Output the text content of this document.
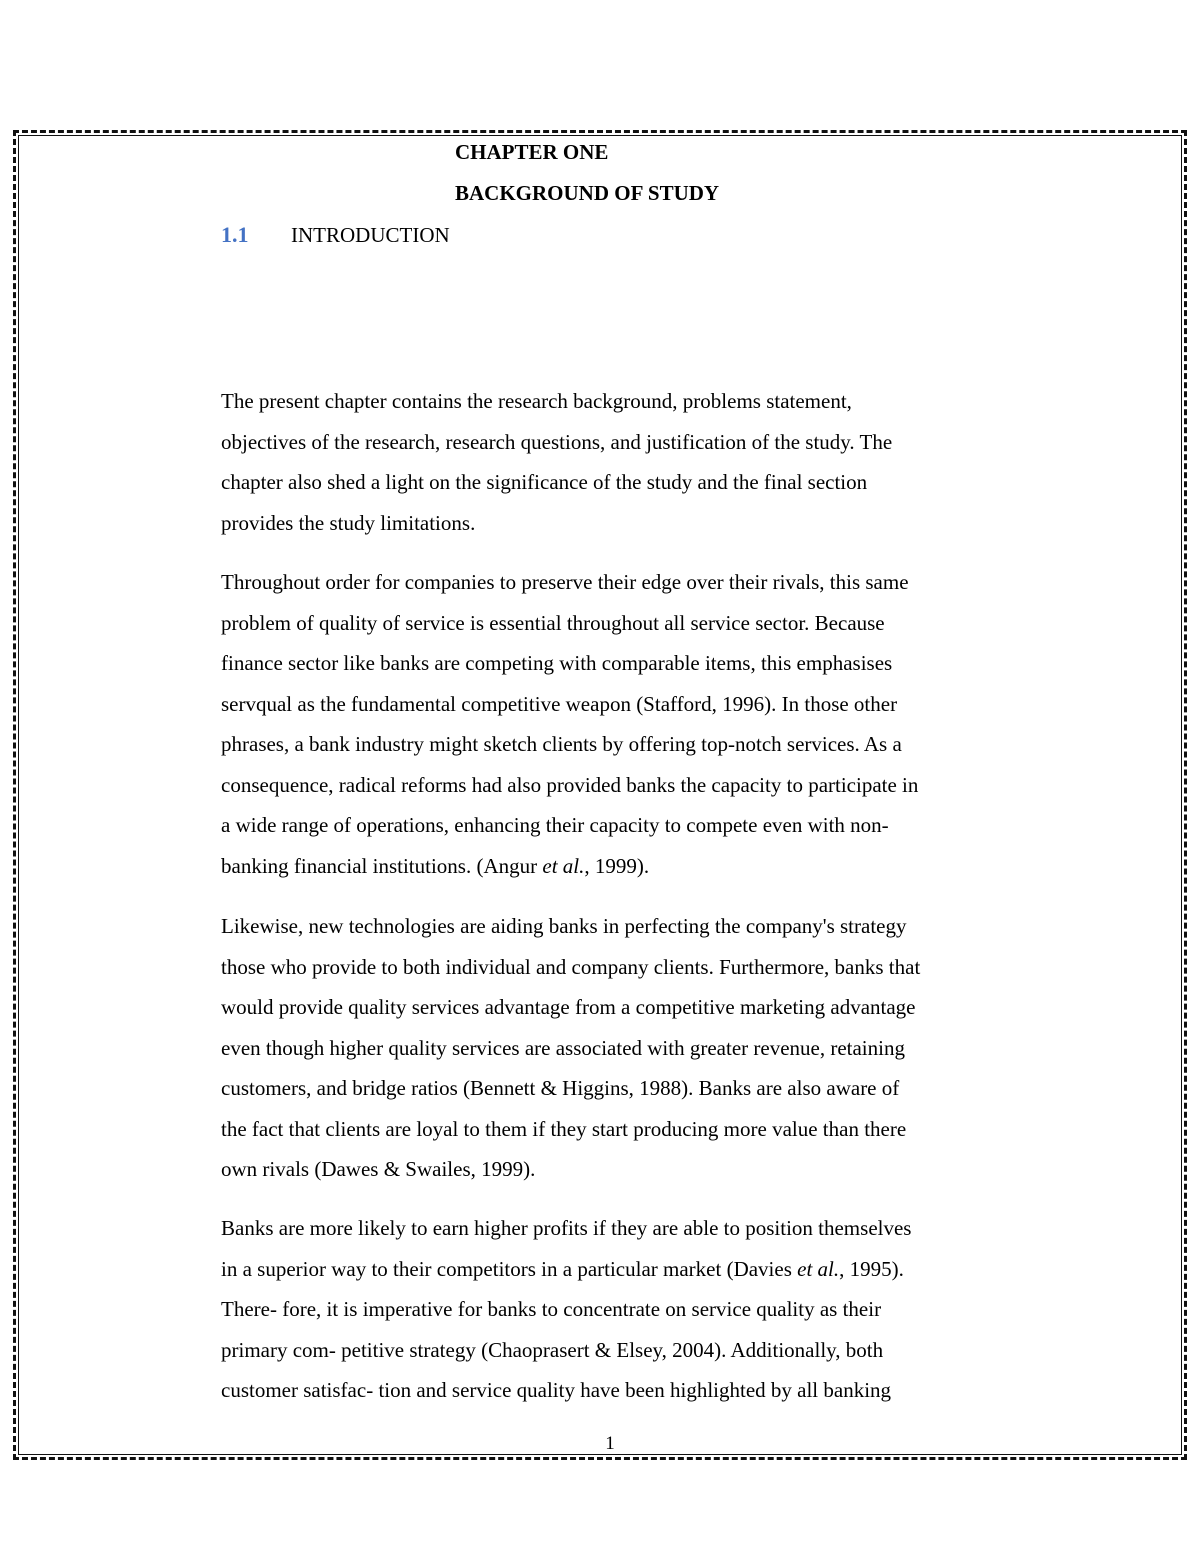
CHAPTER ONE
BACKGROUND OF STUDY
1.1 INTRODUCTION

The present chapter contains the research background, problems statement,
objectives of the research, research questions, and justification of the study. The
chapter also shed a light on the significance of the study and the final section
provides the study limitations.

Throughout order for companies to preserve their edge over their rivals, this same
problem of quality of service is essential throughout all service sector. Because
finance sector like banks are competing with comparable items, this emphasises
servqual as the fundamental competitive weapon (Stafford, 1996). In those other
phrases, a bank industry might sketch clients by offering top-notch services. As a
consequence, radical reforms had also provided banks the capacity to participate in
a wide range of operations, enhancing their capacity to compete even with non-
banking financial institutions. (Angur et al., 1999).

Likewise, new technologies are aiding banks in perfecting the company's strategy
those who provide to both individual and company clients. Furthermore, banks that
would provide quality services advantage from a competitive marketing advantage
even though higher quality services are associated with greater revenue, retaining
customers, and bridge ratios (Bennett & Higgins, 1988). Banks are also aware of
the fact that clients are loyal to them if they start producing more value than there
own rivals (Dawes & Swailes, 1999).

Banks are more likely to earn higher profits if they are able to position themselves
in a superior way to their competitors in a particular market (Davies et al., 1995).
There- fore, it is imperative for banks to concentrate on service quality as their
primary com- petitive strategy (Chaoprasert & Elsey, 2004). Additionally, both
customer satisfac- tion and service quality have been highlighted by all banking

1
